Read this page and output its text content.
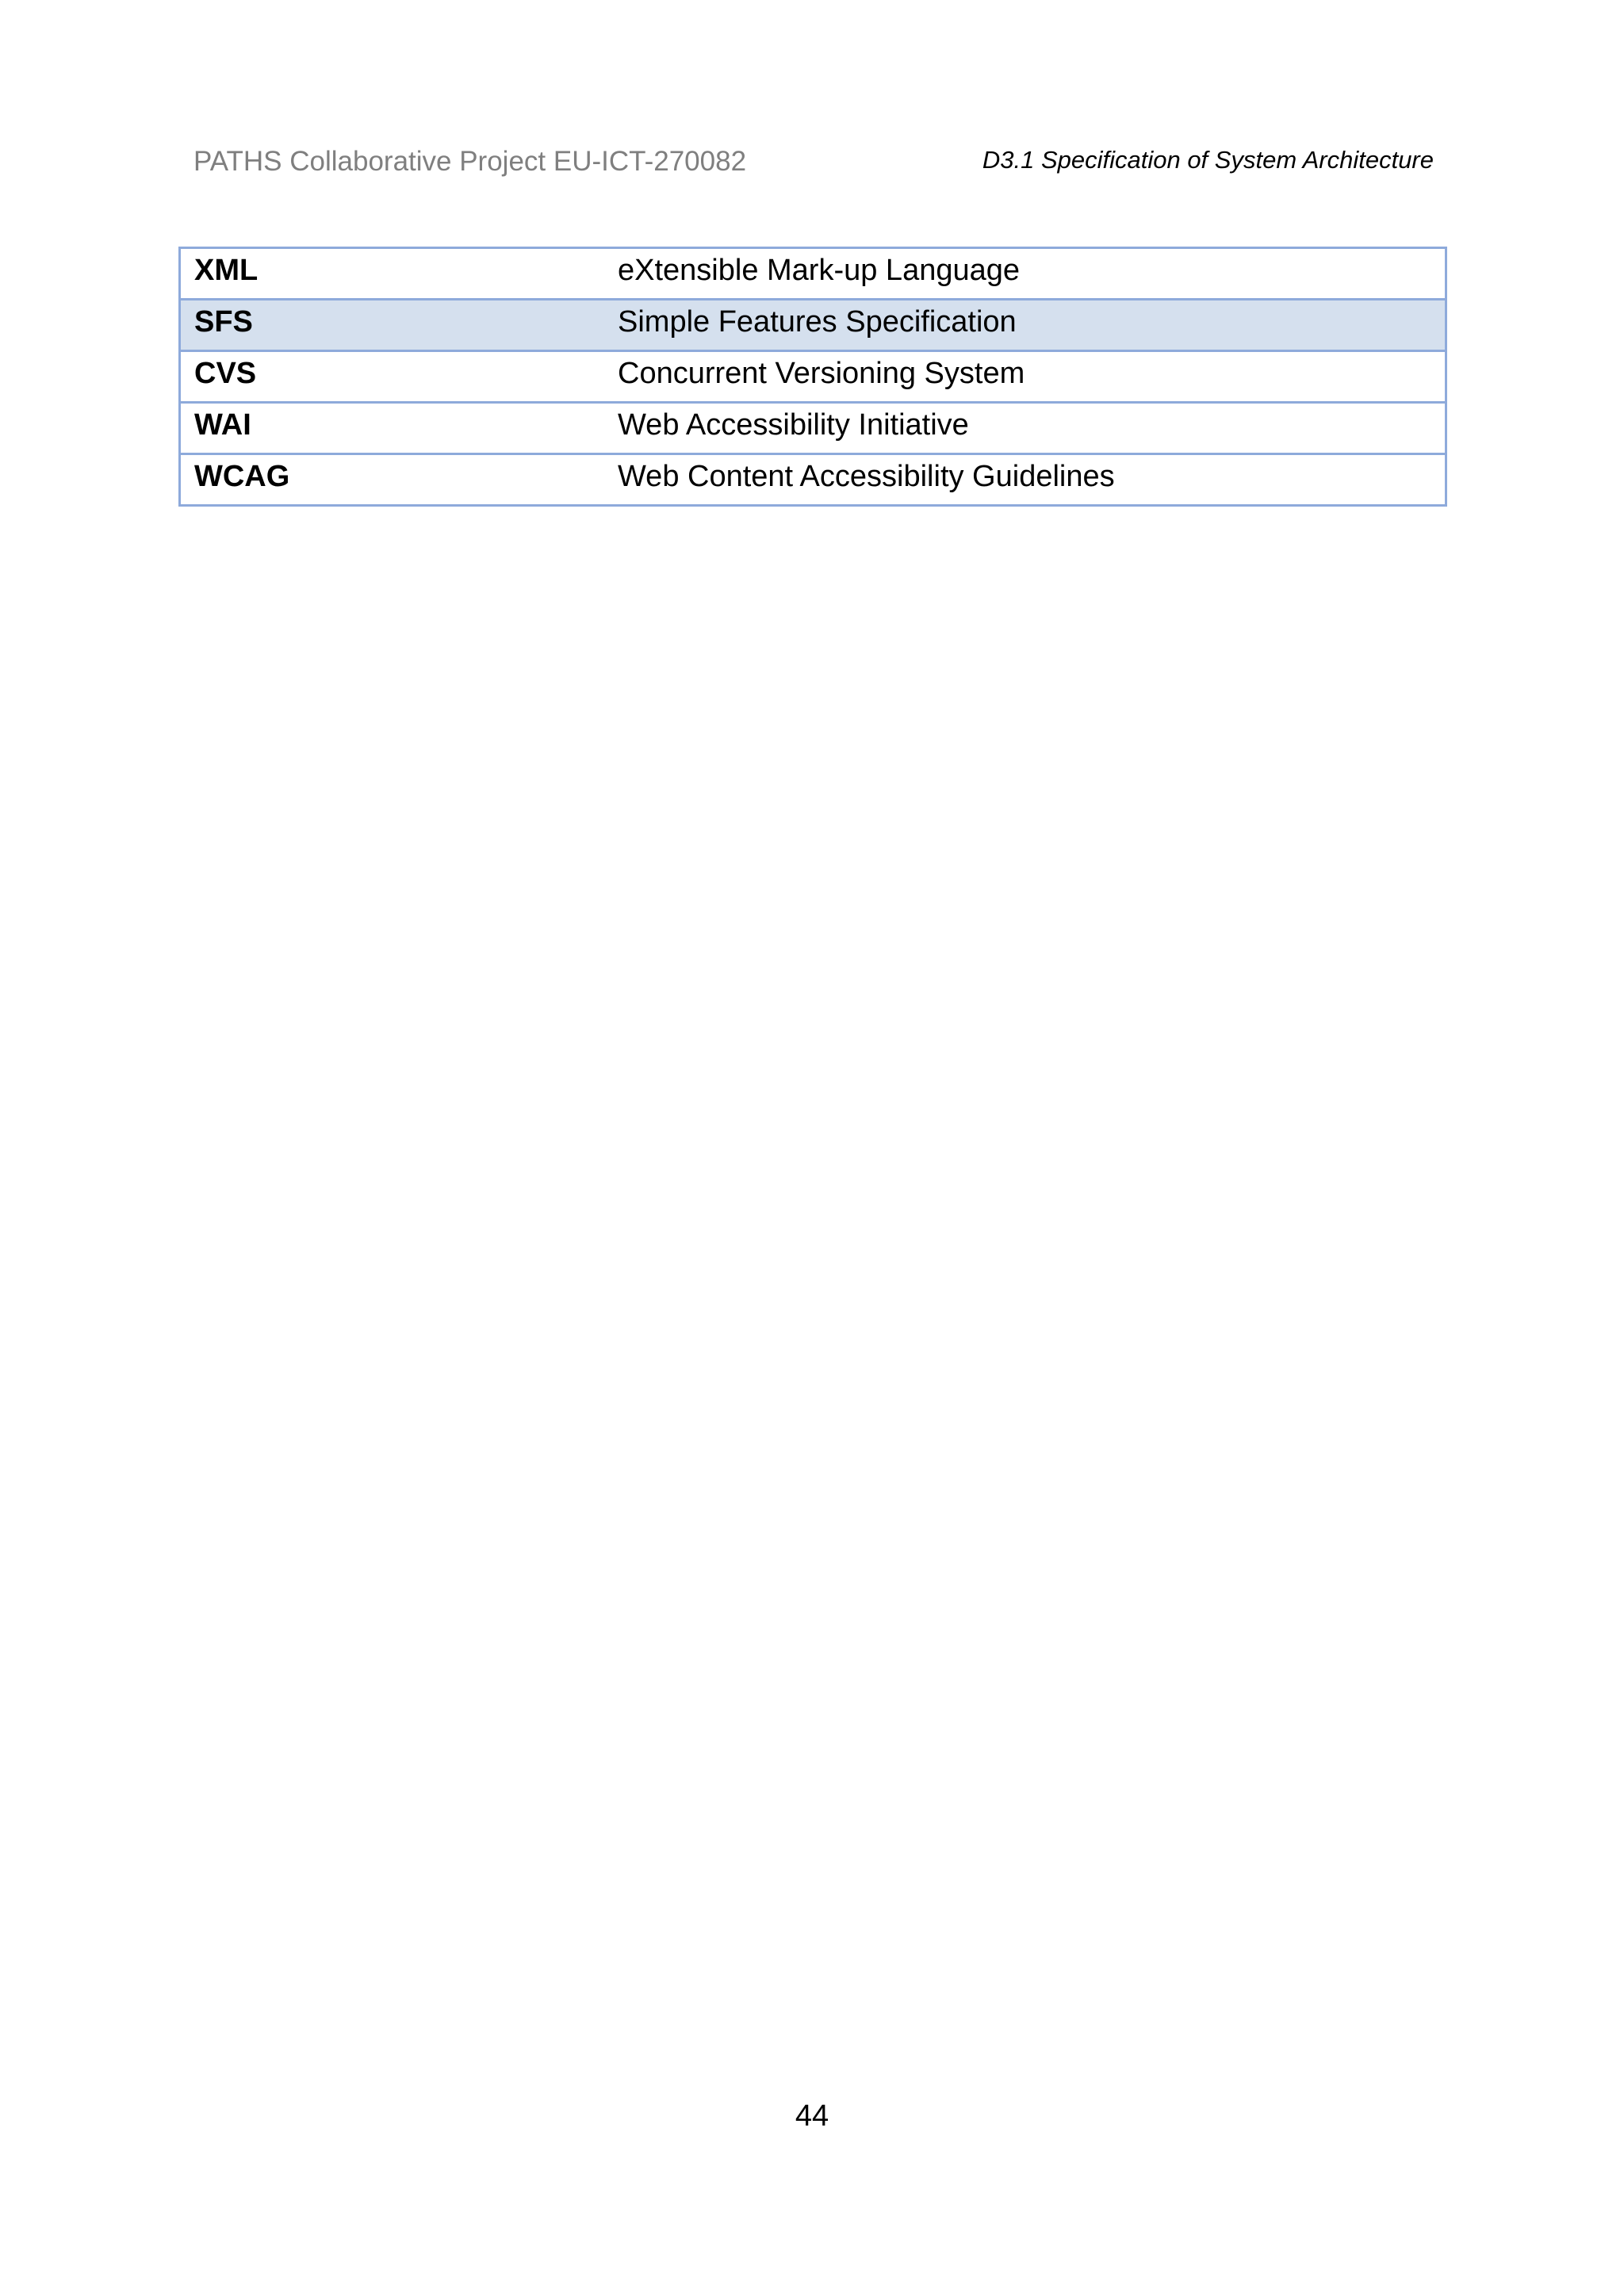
PATHS Collaborative Project EU-ICT-270082	D3.1 Specification of System Architecture
XML	eXtensible Mark-up Language
SFS	Simple Features Specification
CVS	Concurrent Versioning System
WAI	Web Accessibility Initiative
WCAG	Web Content Accessibility Guidelines
44
